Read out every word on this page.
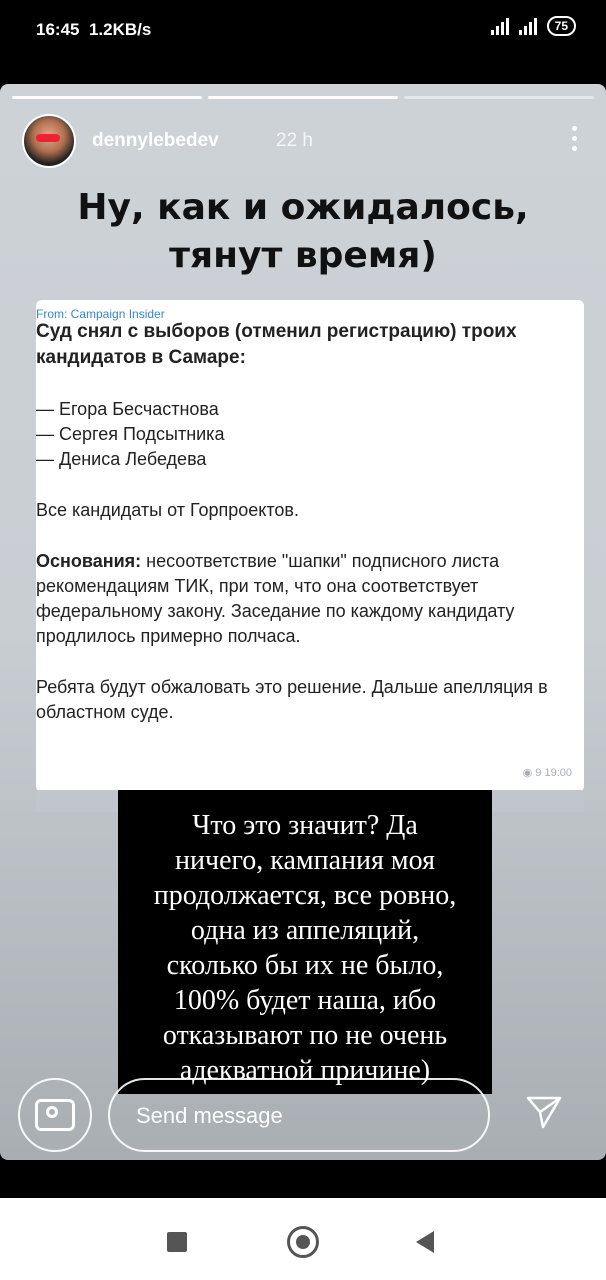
16:45 1.2KB/s	75
dennylebedev	22 h
Ну, как и ожидалось,
тянут время)
From: Campaign Insider

Суд снял с выборов (отменил регистрацию) троих кандидатов в Самаре:

— Егора Бесчастнова

— Сергея Подсытника

— Дениса Лебедева

Все кандидаты от Горпроектов.

Основания: несоответствие "шапки" подписного листа рекомендациям ТИК, при том, что она соответствует федеральному закону. Заседание по каждому кандидату продлилось примерно полчаса.

Ребята будут обжаловать это решение. Дальше апелляция в областном суде.

◉ 9 19:00
Что это значит? Да
ничего, кампания моя
продолжается, все ровно,
одна из аппеляций,
сколько бы их не было,
100% будет наша, ибо
отказывают по не очень
адекватной причине)
Send message
